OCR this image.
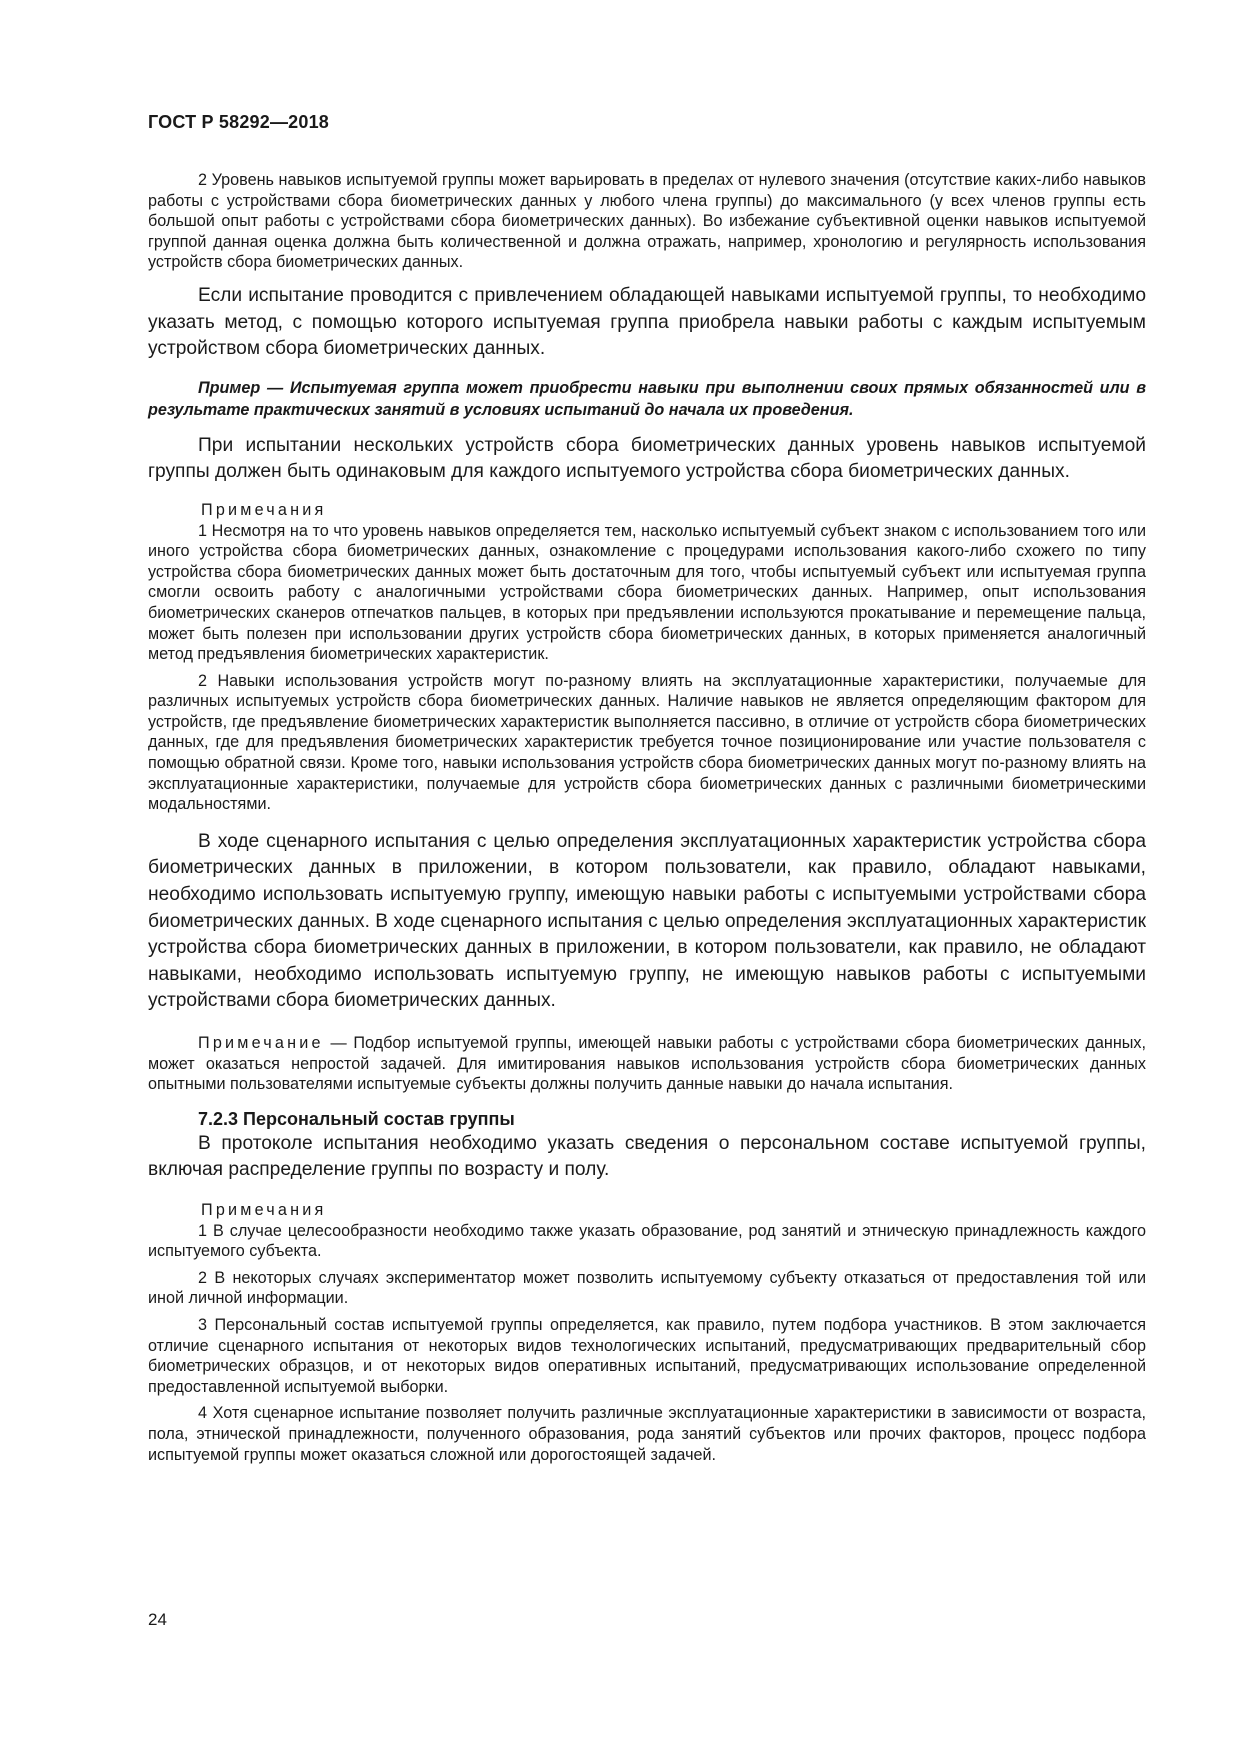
ГОСТ Р 58292—2018

2 Уровень навыков испытуемой группы может варьировать в пределах от нулевого значения (отсутствие каких-либо навыков работы с устройствами сбора биометрических данных у любого члена группы) до максимального (у всех членов группы есть большой опыт работы с устройствами сбора биометрических данных). Во избежание субъективной оценки навыков испытуемой группой данная оценка должна быть количественной и должна отражать, например, хронологию и регулярность использования устройств сбора биометрических данных.

Если испытание проводится с привлечением обладающей навыками испытуемой группы, то необходимо указать метод, с помощью которого испытуемая группа приобрела навыки работы с каждым испытуемым устройством сбора биометрических данных.

Пример — Испытуемая группа может приобрести навыки при выполнении своих прямых обязанностей или в результате практических занятий в условиях испытаний до начала их проведения.

При испытании нескольких устройств сбора биометрических данных уровень навыков испытуемой группы должен быть одинаковым для каждого испытуемого устройства сбора биометрических данных.

Примечания

1 Несмотря на то что уровень навыков определяется тем, насколько испытуемый субъект знаком с использованием того или иного устройства сбора биометрических данных, ознакомление с процедурами использования какого-либо схожего по типу устройства сбора биометрических данных может быть достаточным для того, чтобы испытуемый субъект или испытуемая группа смогли освоить работу с аналогичными устройствами сбора биометрических данных. Например, опыт использования биометрических сканеров отпечатков пальцев, в которых при предъявлении используются прокатывание и перемещение пальца, может быть полезен при использовании других устройств сбора биометрических данных, в которых применяется аналогичный метод предъявления биометрических характеристик.

2 Навыки использования устройств могут по-разному влиять на эксплуатационные характеристики, получаемые для различных испытуемых устройств сбора биометрических данных. Наличие навыков не является определяющим фактором для устройств, где предъявление биометрических характеристик выполняется пассивно, в отличие от устройств сбора биометрических данных, где для предъявления биометрических характеристик требуется точное позиционирование или участие пользователя с помощью обратной связи. Кроме того, навыки использования устройств сбора биометрических данных могут по-разному влиять на эксплуатационные характеристики, получаемые для устройств сбора биометрических данных с различными биометрическими модальностями.

В ходе сценарного испытания с целью определения эксплуатационных характеристик устройства сбора биометрических данных в приложении, в котором пользователи, как правило, обладают навыками, необходимо использовать испытуемую группу, имеющую навыки работы с испытуемыми устройствами сбора биометрических данных. В ходе сценарного испытания с целью определения эксплуатационных характеристик устройства сбора биометрических данных в приложении, в котором пользователи, как правило, не обладают навыками, необходимо использовать испытуемую группу, не имеющую навыков работы с испытуемыми устройствами сбора биометрических данных.

Примечание — Подбор испытуемой группы, имеющей навыки работы с устройствами сбора биометрических данных, может оказаться непростой задачей. Для имитирования навыков использования устройств сбора биометрических данных опытными пользователями испытуемые субъекты должны получить данные навыки до начала испытания.

7.2.3 Персональный состав группы

В протоколе испытания необходимо указать сведения о персональном составе испытуемой группы, включая распределение группы по возрасту и полу.

Примечания

1 В случае целесообразности необходимо также указать образование, род занятий и этническую принадлежность каждого испытуемого субъекта.

2 В некоторых случаях экспериментатор может позволить испытуемому субъекту отказаться от предоставления той или иной личной информации.

3 Персональный состав испытуемой группы определяется, как правило, путем подбора участников. В этом заключается отличие сценарного испытания от некоторых видов технологических испытаний, предусматривающих предварительный сбор биометрических образцов, и от некоторых видов оперативных испытаний, предусматривающих использование определенной предоставленной испытуемой выборки.

4 Хотя сценарное испытание позволяет получить различные эксплуатационные характеристики в зависимости от возраста, пола, этнической принадлежности, полученного образования, рода занятий субъектов или прочих факторов, процесс подбора испытуемой группы может оказаться сложной или дорогостоящей задачей.

24
